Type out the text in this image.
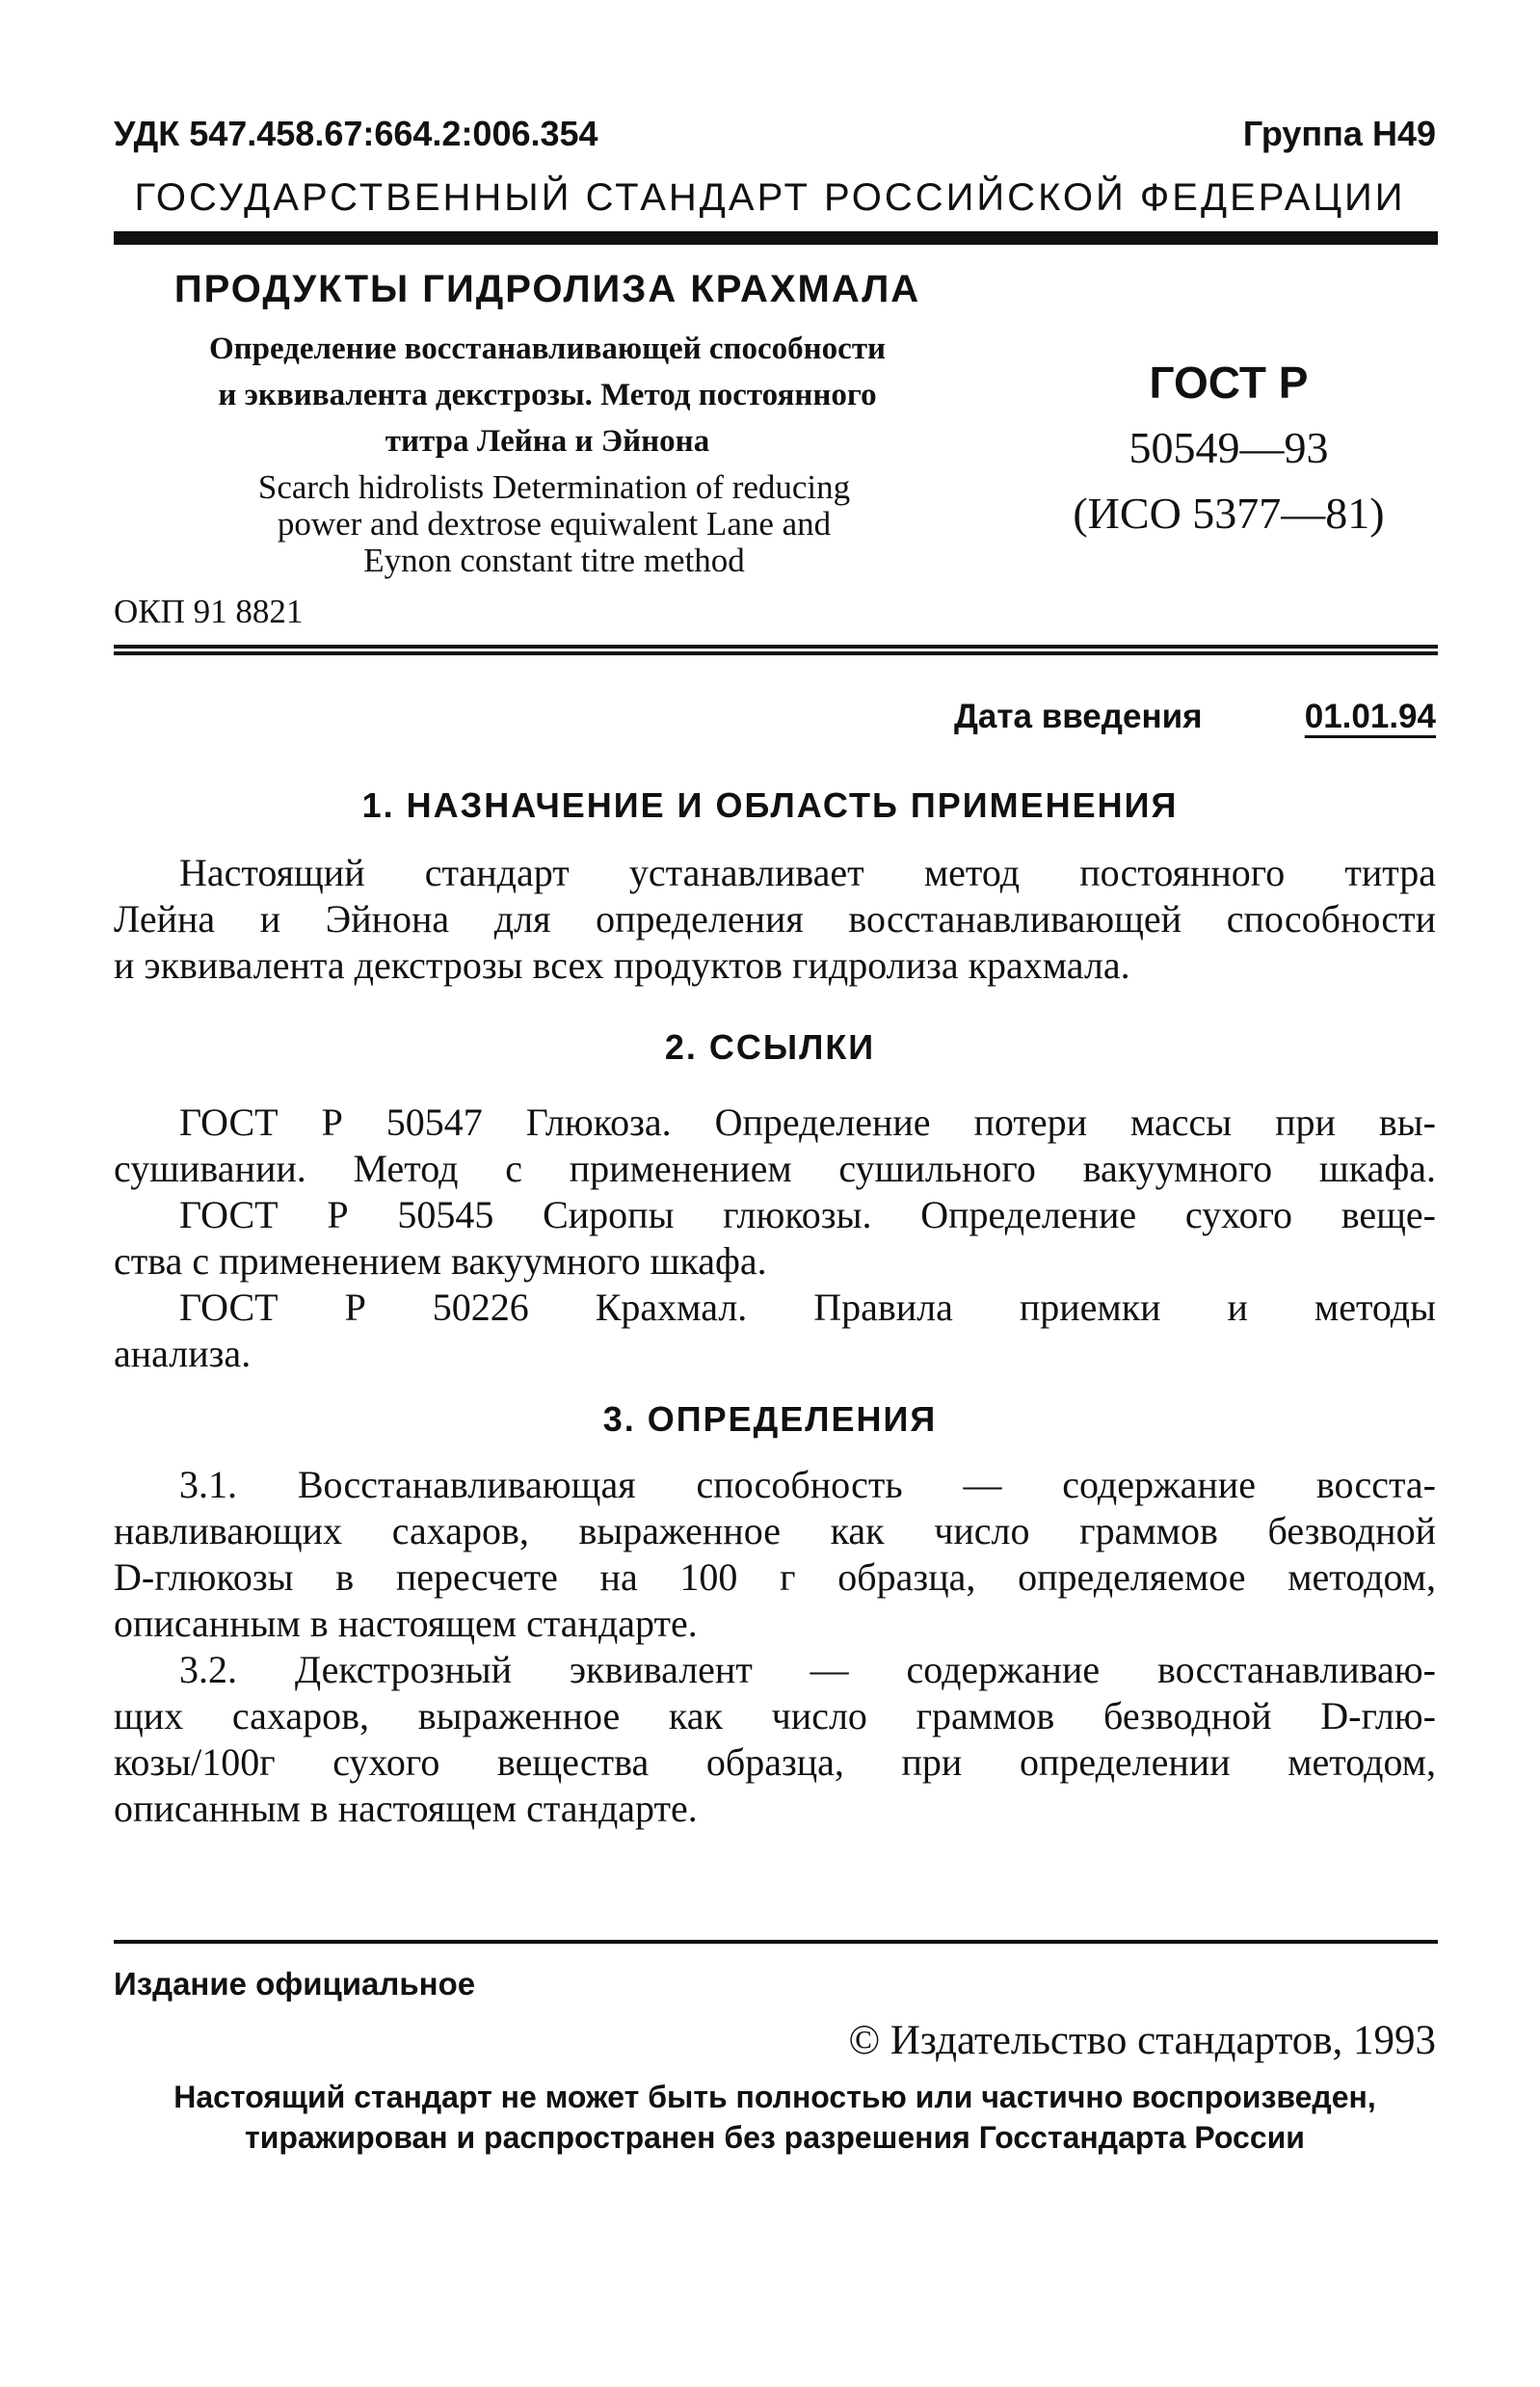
УДК 547.458.67:664.2:006.354	Группа Н49
ГОСУДАРСТВЕННЫЙ СТАНДАРТ РОССИЙСКОЙ ФЕДЕРАЦИИ
ПРОДУКТЫ ГИДРОЛИЗА КРАХМАЛА
Определение восстанавливающей способности
и эквивалента декстрозы. Метод постоянного
титра Лейна и Эйнона
Scarch hidrolists Determination of reducing
power and dextrose equiwalent Lane and
Eynon constant titre method
ОКП 91 8821
ГОСТ Р
50549—93
(ИСО 5377—81)
Дата введения	01.01.94
1. НАЗНАЧЕНИЕ И ОБЛАСТЬ ПРИМЕНЕНИЯ
Настоящий стандарт устанавливает метод постоянного титра
Лейна и Эйнона для определения восстанавливающей способности
и эквивалента декстрозы всех продуктов гидролиза крахмала.
2. ССЫЛКИ
ГОСТ Р 50547 Глюкоза. Определение потери массы при вы-
сушивании. Метод с применением сушильного вакуумного шкафа.
ГОСТ Р 50545 Сиропы глюкозы. Определение сухого веще-
ства с применением вакуумного шкафа.
ГОСТ Р 50226 Крахмал. Правила приемки и методы
анализа.
3. ОПРЕДЕЛЕНИЯ
3.1. Восстанавливающая способность — содержание восста-
навливающих сахаров, выраженное как число граммов безводной
D-глюкозы в пересчете на 100 г образца, определяемое методом,
описанным в настоящем стандарте.
3.2. Декстрозный эквивалент — содержание восстанавливаю-
щих сахаров, выраженное как число граммов безводной D-глю-
козы/100г сухого вещества образца, при определении методом,
описанным в настоящем стандарте.
Издание официальное
© Издательство стандартов, 1993
Настоящий стандарт не может быть полностью или частично воспроизведен,
тиражирован и распространен без разрешения Госстандарта России
